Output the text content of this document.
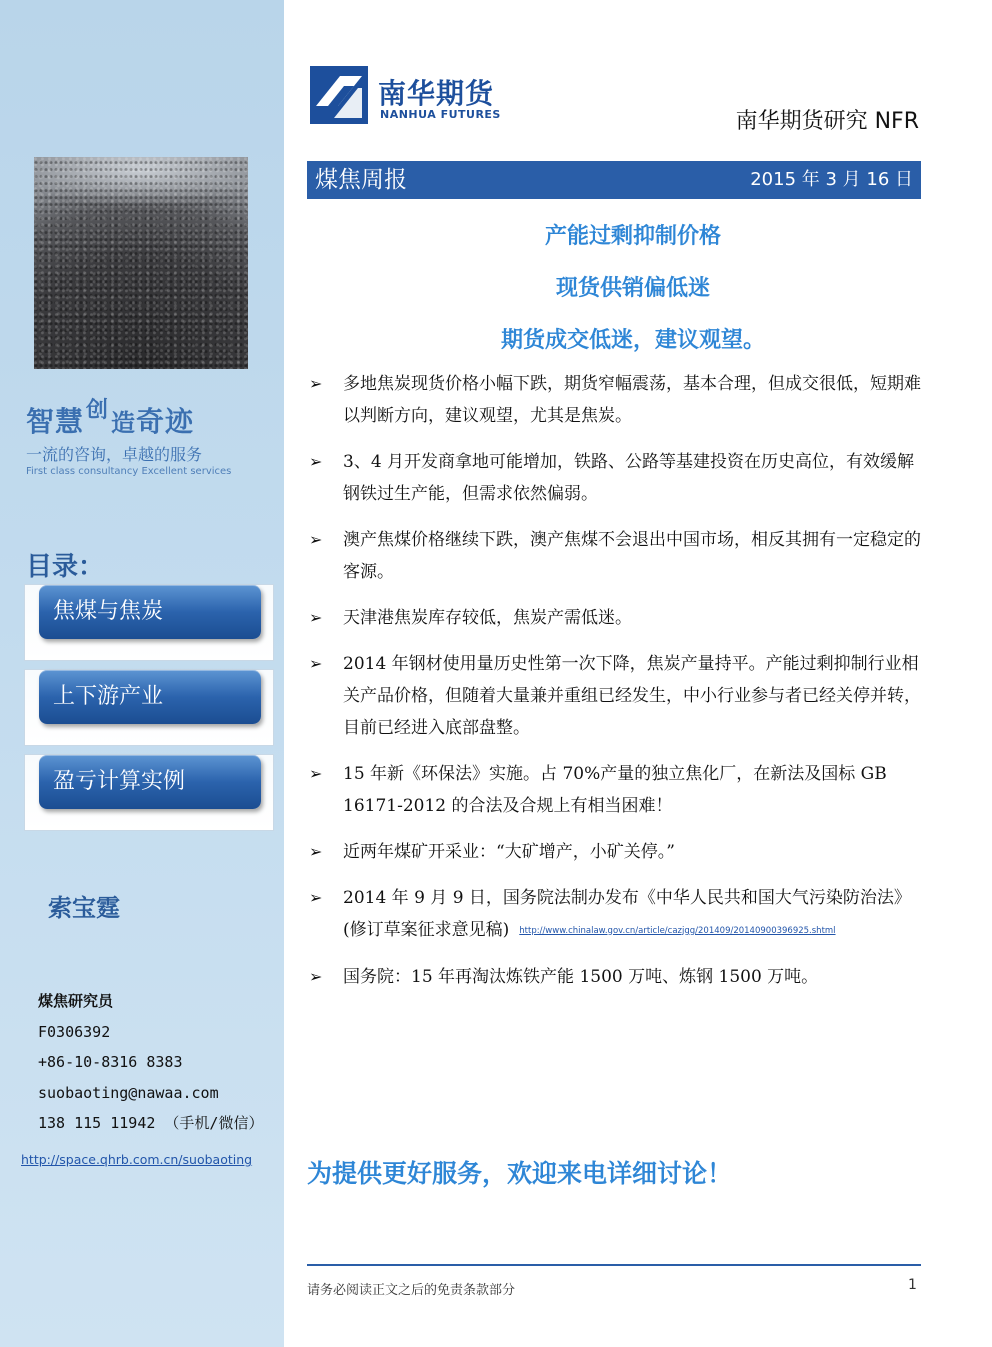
智慧$^创$造奇迹
一流的咨询，卓越的服务
First class consultancy Excellent services
目录：
焦煤与焦炭
上下游产业
盈亏计算实例
索宝霆
煤焦研究员
F0306392
+86-10-8316 8383
suobaoting@nawaa.com
138 115 11942 （手机/微信）
http://space.qhrb.com.cn/suobaoting
南华期货
NANHUA FUTURES	南华期货研究 NFR
煤焦周报	2015 年 3 月 16 日
产能过剩抑制价格
现货供销偏低迷
期货成交低迷，建议观望。
➢ 多地焦炭现货价格小幅下跌，期货窄幅震荡，基本合理，但成交很低，短期难以判断方向，建议观望，尤其是焦炭。
➢ 3、4 月开发商拿地可能增加，铁路、公路等基建投资在历史高位，有效缓解钢铁过生产能，但需求依然偏弱。
➢ 澳产焦煤价格继续下跌，澳产焦煤不会退出中国市场，相反其拥有一定稳定的客源。
➢ 天津港焦炭库存较低，焦炭产需低迷。
➢ 2014 年钢材使用量历史性第一次下降，焦炭产量持平。产能过剩抑制行业相关产品价格，但随着大量兼并重组已经发生，中小行业参与者已经关停并转，目前已经进入底部盘整。
➢ 15 年新《环保法》实施。占 70%产量的独立焦化厂，在新法及国标 GB 16171-2012 的合法及合规上有相当困难！
➢ 近两年煤矿开采业：“大矿增产，小矿关停。”
➢ 2014 年 9 月 9 日，国务院法制办发布《中华人民共和国大气污染防治法》(修订草案征求意见稿) http://www.chinalaw.gov.cn/article/cazjgg/201409/20140900396925.shtml
➢ 国务院：15 年再淘汰炼铁产能 1500 万吨、炼钢 1500 万吨。
为提供更好服务，欢迎来电详细讨论！
请务必阅读正文之后的免责条款部分	1
